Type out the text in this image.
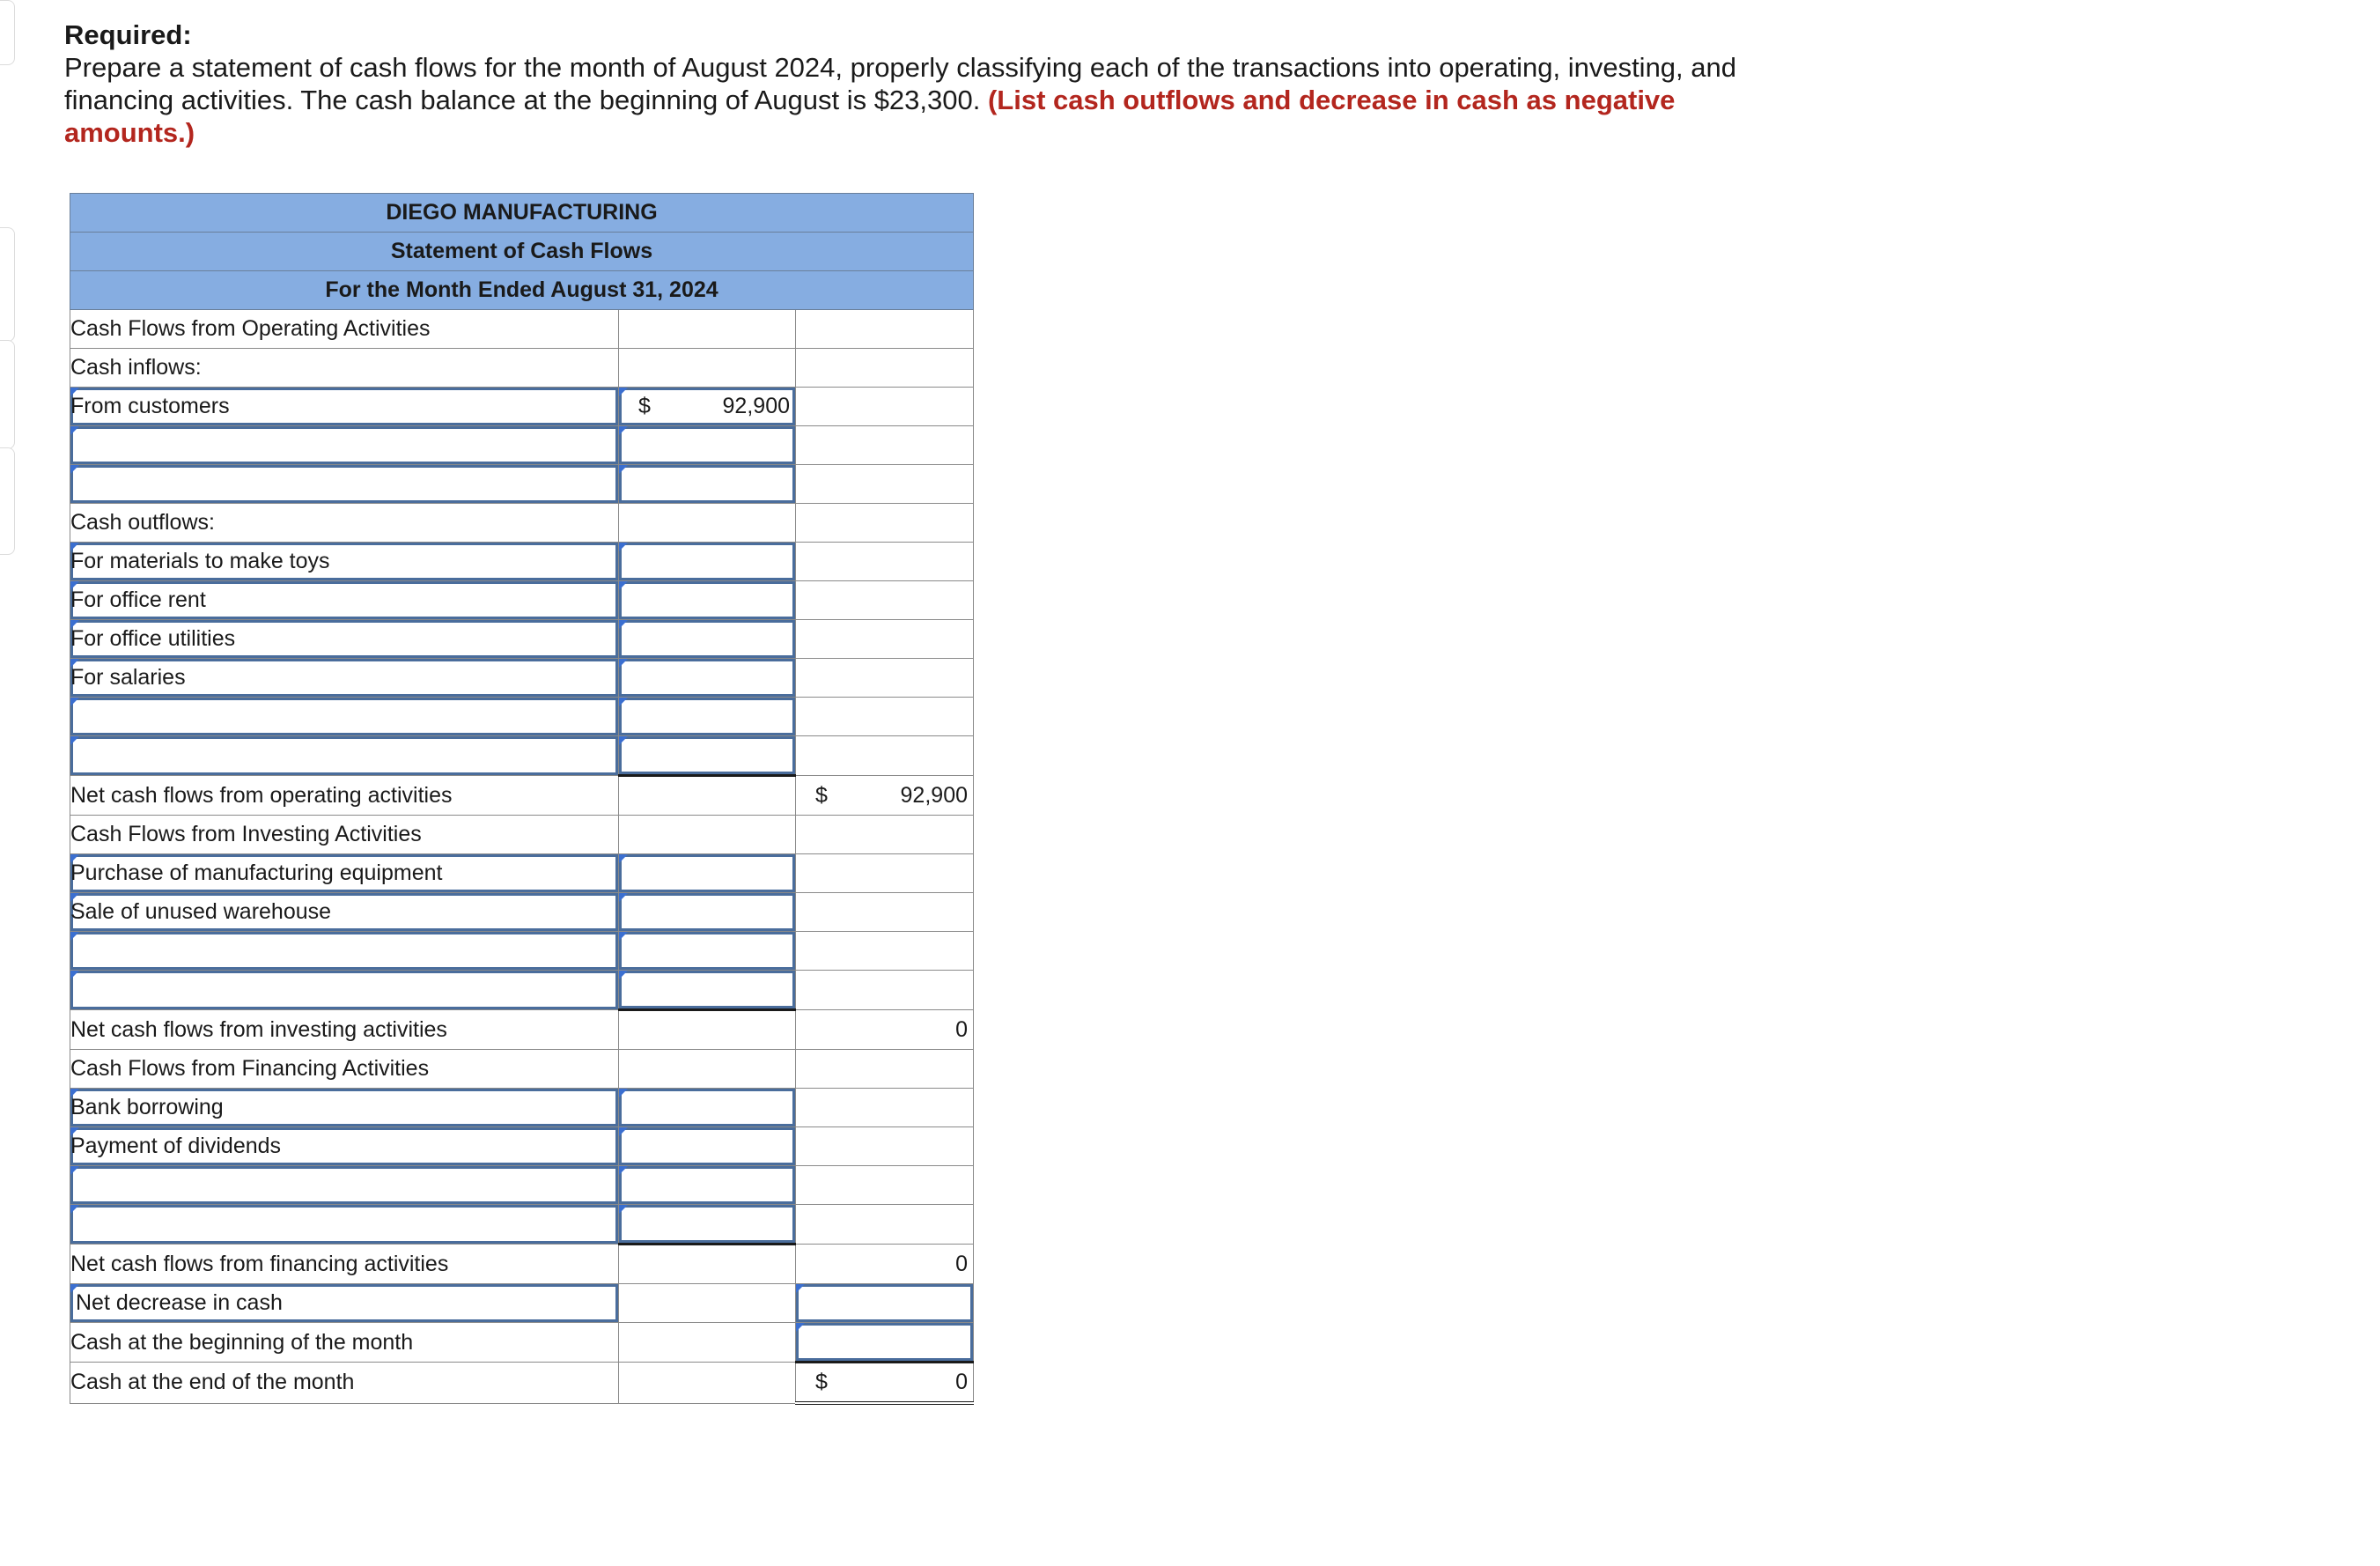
Required:

Prepare a statement of cash flows for the month of August 2024, properly classifying each of the transactions into operating, investing, and financing activities. The cash balance at the beginning of August is $23,300. (List cash outflows and decrease in cash as negative amounts.)

DIEGO MANUFACTURING		
Statement of Cash Flows		
For the Month Ended August 31, 2024		
Cash Flows from Operating Activities		
Cash inflows:		
From customers	$ 92,900	

Cash outflows:		
For materials to make toys		
For office rent		
For office utilities		
For salaries		

Net cash flows from operating activities		$ 92,900

Cash Flows from Investing Activities		
Purchase of manufacturing equipment		
Sale of unused warehouse		

Net cash flows from investing activities		0

Cash Flows from Financing Activities		
Bank borrowing		
Payment of dividends		

Net cash flows from financing activities		0

Net decrease in cash		
Cash at the beginning of the month		
Cash at the end of the month		$ 0
